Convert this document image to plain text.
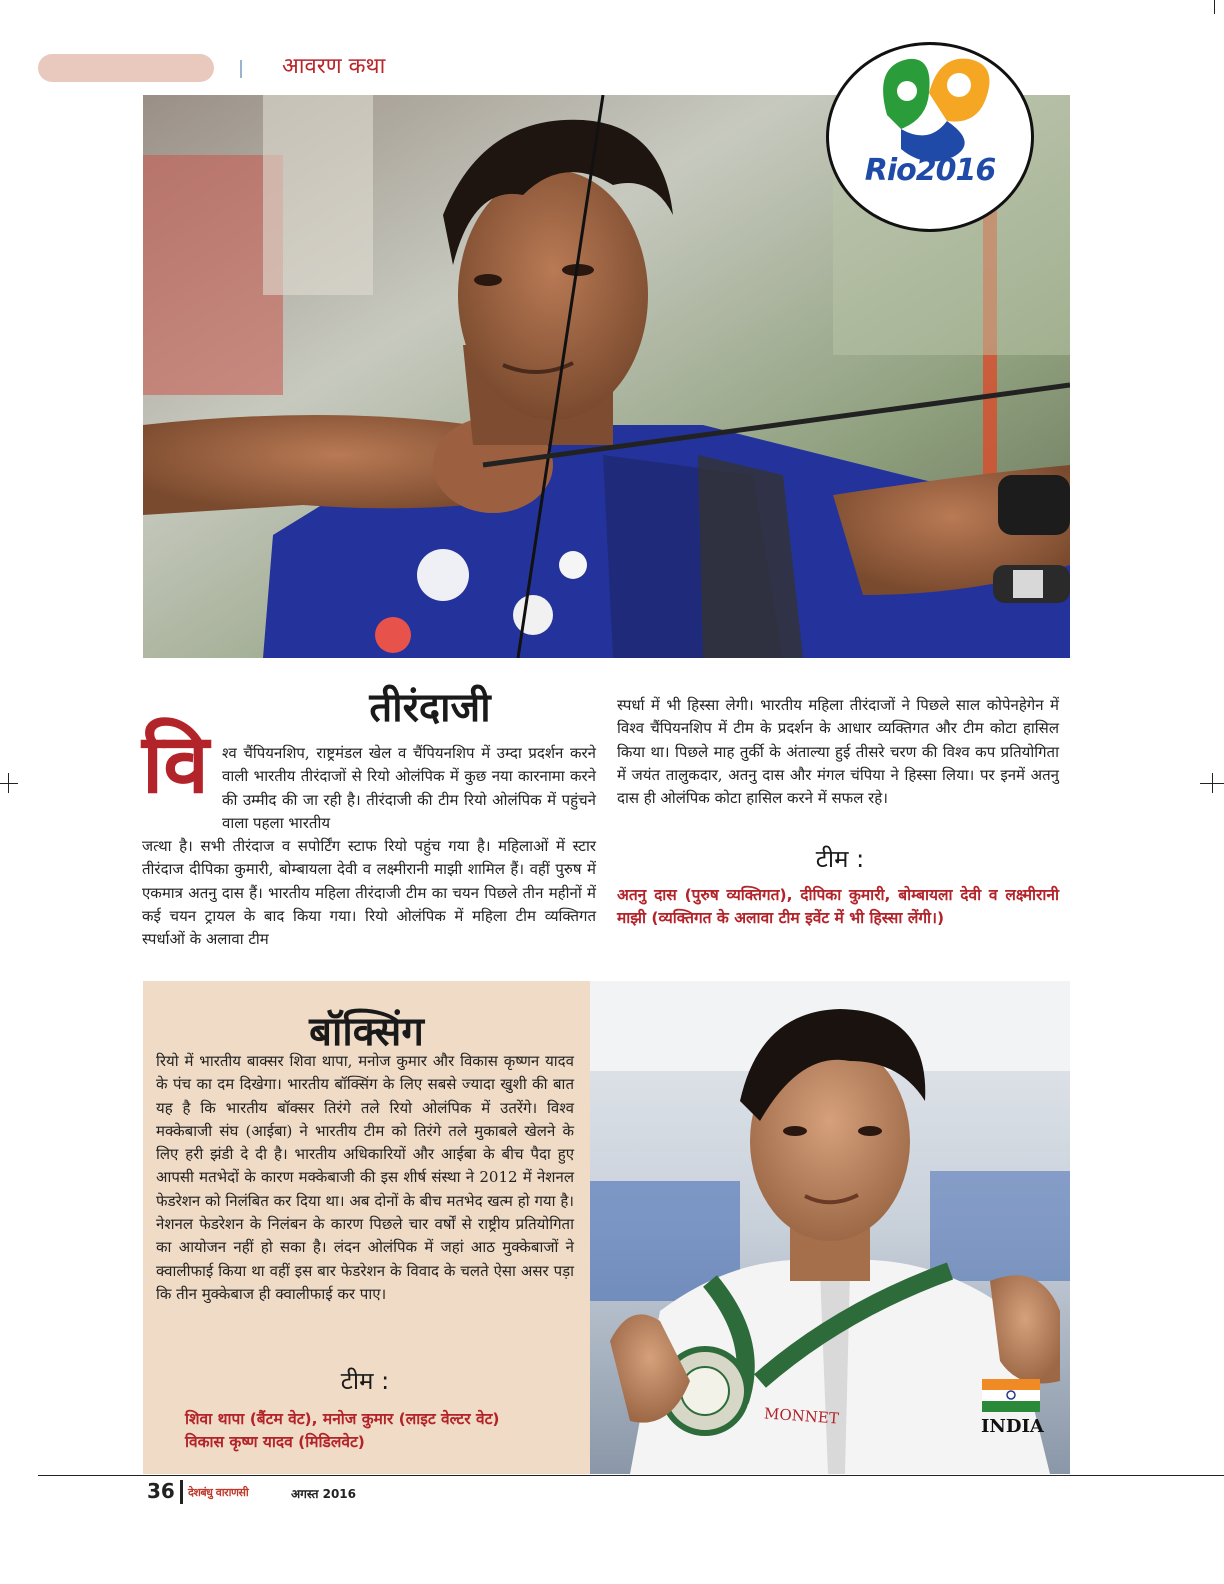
आवरण कथा
Rio2016
तीरंदाजी
वि श्व चैंपियनशिप, राष्ट्रमंडल खेल व चैंपियनशिप में उम्दा प्रदर्शन करने वाली भारतीय तीरंदाजों से रियो ओलंपिक में कुछ नया कारनामा करने की उम्मीद की जा रही है। तीरंदाजी की टीम रियो ओलंपिक में पहुंचने वाला पहला भारतीय
जत्था है। सभी तीरंदाज व सपोर्टिंग स्टाफ रियो पहुंच गया है। महिलाओं में स्टार तीरंदाज दीपिका कुमारी, बोम्बायला देवी व लक्ष्मीरानी माझी शामिल हैं। वहीं पुरुष में एकमात्र अतनु दास हैं। भारतीय महिला तीरंदाजी टीम का चयन पिछले तीन महीनों में कई चयन ट्रायल के बाद किया गया। रियो ओलंपिक में महिला टीम व्यक्तिगत स्पर्धाओं के अलावा टीम
स्पर्धा में भी हिस्सा लेगी। भारतीय महिला तीरंदाजों ने पिछले साल कोपेनहेगेन में विश्व चैंपियनशिप में टीम के प्रदर्शन के आधार व्यक्तिगत और टीम कोटा हासिल किया था। पिछले माह तुर्की के अंताल्या हुई तीसरे चरण की विश्व कप प्रतियोगिता में जयंत तालुकदार, अतनु दास और मंगल चंपिया ने हिस्सा लिया। पर इनमें अतनु दास ही ओलंपिक कोटा हासिल करने में सफल रहे।
टीम :
अतनु दास (पुरुष व्यक्तिगत), दीपिका कुमारी, बोम्बायला देवी व लक्ष्मीरानी माझी (व्यक्तिगत के अलावा टीम इवेंट में भी हिस्सा लेंगी।)
बॉक्सिंग
रियो में भारतीय बाक्सर शिवा थापा, मनोज कुमार और विकास कृष्णन यादव के पंच का दम दिखेगा। भारतीय बॉक्सिंग के लिए सबसे ज्यादा खुशी की बात यह है कि भारतीय बॉक्सर तिरंगे तले रियो ओलंपिक में उतरेंगे। विश्व मक्केबाजी संघ (आईबा) ने भारतीय टीम को तिरंगे तले मुकाबले खेलने के लिए हरी झंडी दे दी है। भारतीय अधिकारियों और आईबा के बीच पैदा हुए आपसी मतभेदों के कारण मक्केबाजी की इस शीर्ष संस्था ने 2012 में नेशनल फेडरेशन को निलंबित कर दिया था। अब दोनों के बीच मतभेद खत्म हो गया है। नेशनल फेडरेशन के निलंबन के कारण पिछले चार वर्षों से राष्ट्रीय प्रतियोगिता का आयोजन नहीं हो सका है। लंदन ओलंपिक में जहां आठ मुक्केबाजों ने क्वालीफाई किया था वहीं इस बार फेडरेशन के विवाद के चलते ऐसा असर पड़ा कि तीन मुक्केबाज ही क्वालीफाई कर पाए।
टीम :
शिवा थापा (बैंटम वेट), मनोज कुमार (लाइट वेल्टर वेट)
विकास कृष्ण यादव (मिडिलवेट)
MONNET	INDIA
36 देशबंधु वाराणसी	अगस्त 2016
